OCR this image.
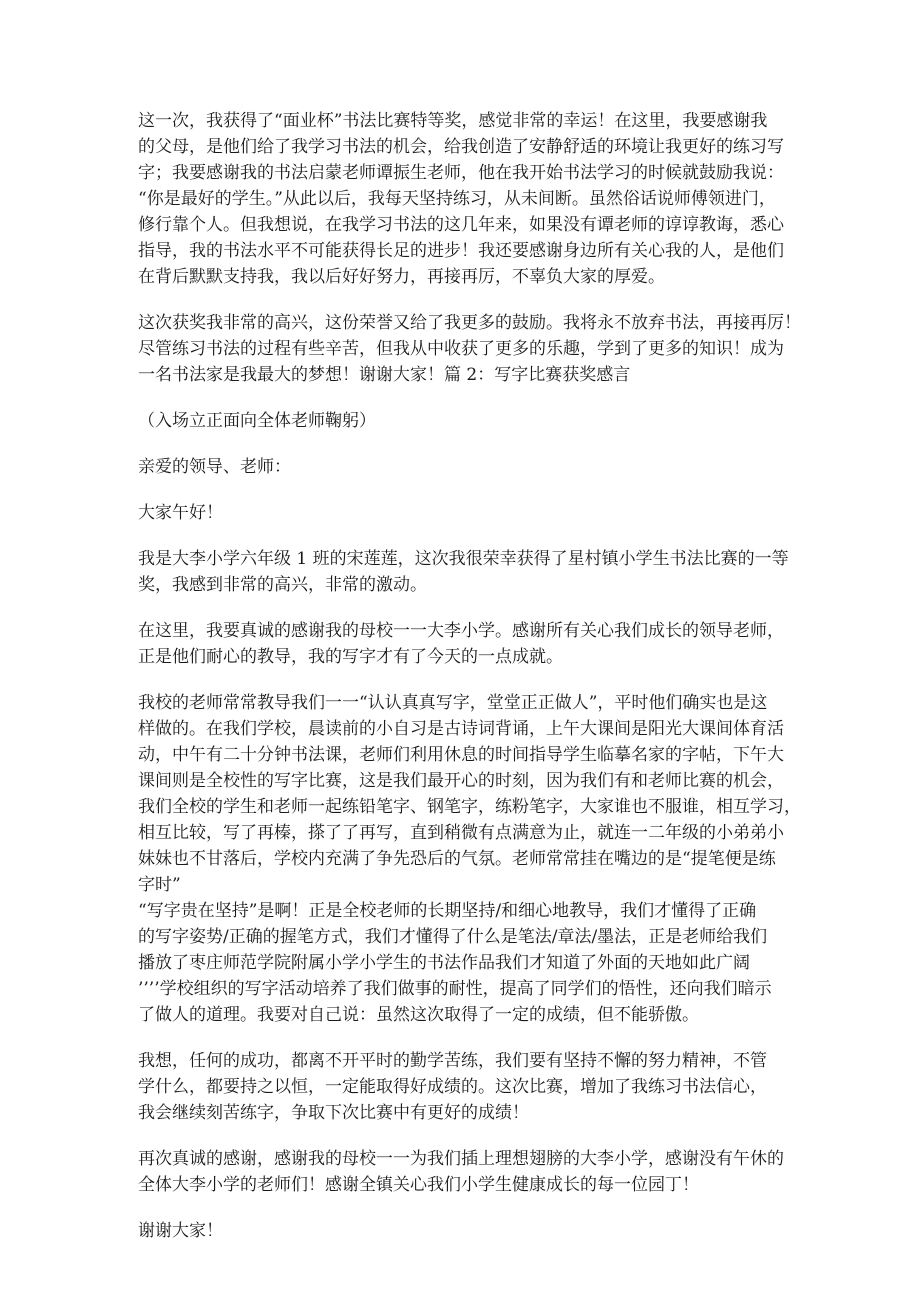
这一次，我获得了“面业杯”书法比赛特等奖，感觉非常的幸运！在这里，我要感谢我
的父母，是他们给了我学习书法的机会，给我创造了安静舒适的环境让我更好的练习写
字；我要感谢我的书法启蒙老师谭振生老师，他在我开始书法学习的时候就鼓励我说：
“你是最好的学生。”从此以后，我每天坚持练习，从未间断。虽然俗话说师傅领进门，
修行靠个人。但我想说，在我学习书法的这几年来，如果没有谭老师的谆谆教诲，悉心
指导，我的书法水平不可能获得长足的进步！我还要感谢身边所有关心我的人，是他们
在背后默默支持我，我以后好好努力，再接再厉，不辜负大家的厚爱。

这次获奖我非常的高兴，这份荣誉又给了我更多的鼓励。我将永不放弃书法，再接再厉！
尽管练习书法的过程有些辛苦，但我从中收获了更多的乐趣，学到了更多的知识！成为
一名书法家是我最大的梦想！谢谢大家！篇 2：写字比赛获奖感言

（入场立正面向全体老师鞠躬）

亲爱的领导、老师：

大家午好！

我是大李小学六年级 1 班的宋莲莲，这次我很荣幸获得了星村镇小学生书法比赛的一等
奖，我感到非常的高兴，非常的激动。

在这里，我要真诚的感谢我的母校一一大李小学。感谢所有关心我们成长的领导老师，
正是他们耐心的教导，我的写字才有了今天的一点成就。

我校的老师常常教导我们一一“认认真真写字，堂堂正正做人”，平时他们确实也是这
样做的。在我们学校，晨读前的小自习是古诗词背诵，上午大课间是阳光大课间体育活
动，中午有二十分钟书法课，老师们利用休息的时间指导学生临摹名家的字帖，下午大
课间则是全校性的写字比赛，这是我们最开心的时刻，因为我们有和老师比赛的机会，
我们全校的学生和老师一起练铅笔字、钢笔字，练粉笔字，大家谁也不服谁，相互学习，
相互比较，写了再榛，搽了了再写，直到稍微有点满意为止，就连一二年级的小弟弟小
妹妹也不甘落后，学校内充满了争先恐后的气氛。老师常常挂在嘴边的是“提笔便是练
字时”

“写字贵在坚持”是啊！正是全校老师的长期坚持/和细心地教导，我们才懂得了正确
的写字姿势/正确的握笔方式，我们才懂得了什么是笔法/章法/墨法，正是老师给我们
播放了枣庄师范学院附属小学小学生的书法作品我们才知道了外面的天地如此广阔
’’’’学校组织的写字活动培养了我们做事的耐性，提高了同学们的悟性，还向我们暗示
了做人的道理。我要对自己说：虽然这次取得了一定的成绩，但不能骄傲。

我想，任何的成功，都离不开平时的勤学苦练，我们要有坚持不懈的努力精神，不管
学什么，都要持之以恒，一定能取得好成绩的。这次比赛，增加了我练习书法信心，
我会继续刻苦练字，争取下次比赛中有更好的成绩！

再次真诚的感谢，感谢我的母校一一为我们插上理想翅膀的大李小学，感谢没有午休的
全体大李小学的老师们！感谢全镇关心我们小学生健康成长的每一位园丁！

谢谢大家！
